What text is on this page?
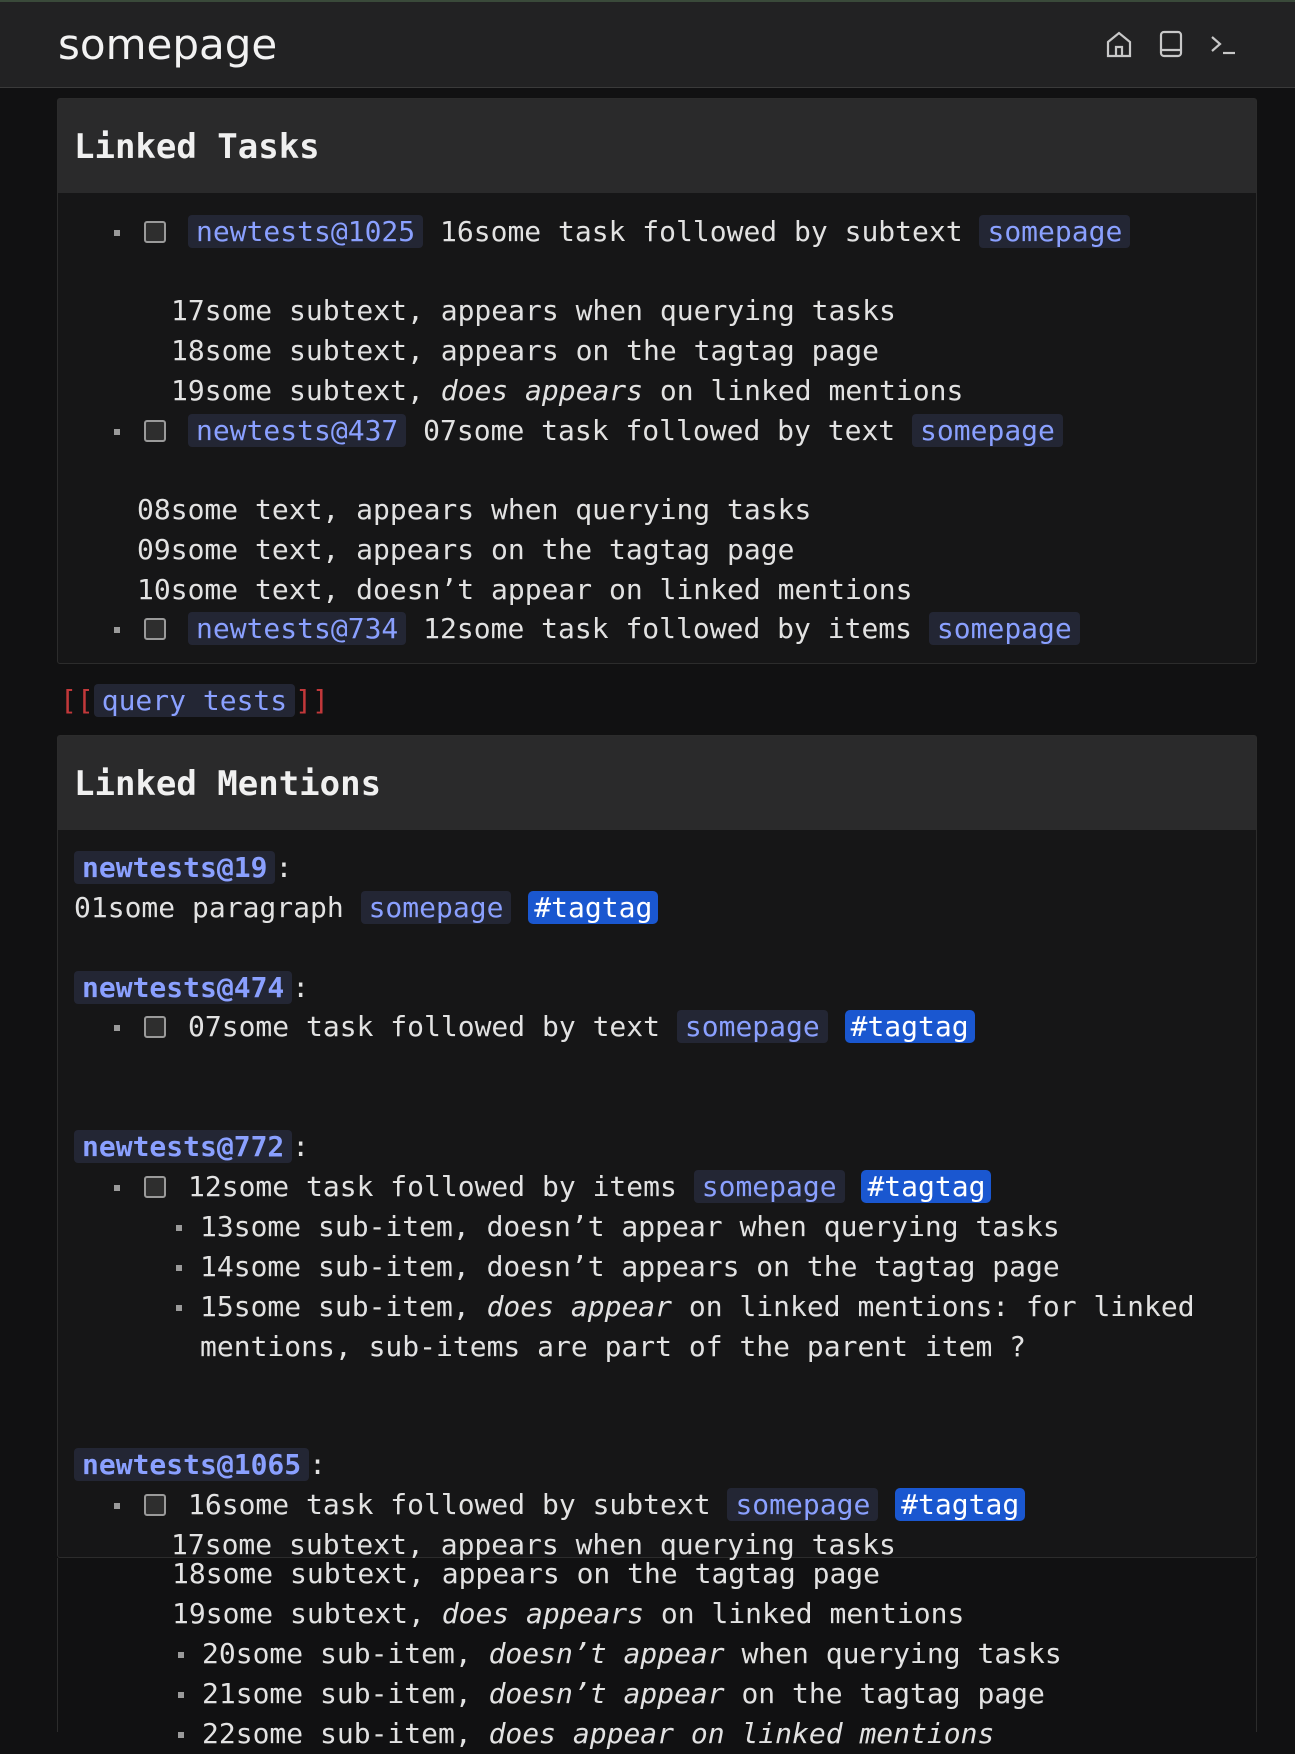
somepage
Linked Tasks
newtests@1025 16some task followed by subtext somepage
17some subtext, appears when querying tasks
18some subtext, appears on the tagtag page
19some subtext, does appears on linked mentions
newtests@437 07some task followed by text somepage
08some text, appears when querying tasks
09some text, appears on the tagtag page
10some text, doesn’t appear on linked mentions
newtests@734 12some task followed by items somepage
[[ query tests ]]
Linked Mentions
newtests@19 :
01some paragraph somepage #tagtag
newtests@474 :
07some task followed by text somepage #tagtag
newtests@772 :
12some task followed by items somepage #tagtag
13some sub-item, doesn’t appear when querying tasks
14some sub-item, doesn’t appears on the tagtag page
15some sub-item, does appear on linked mentions: for linked
mentions, sub-items are part of the parent item ?
newtests@1065 :
16some task followed by subtext somepage #tagtag
17some subtext, appears when querying tasks
18some subtext, appears on the tagtag page
19some subtext, does appears on linked mentions
20some sub-item, doesn’t appear when querying tasks
21some sub-item, doesn’t appear on the tagtag page
22some sub-item, does appear on linked mentions
